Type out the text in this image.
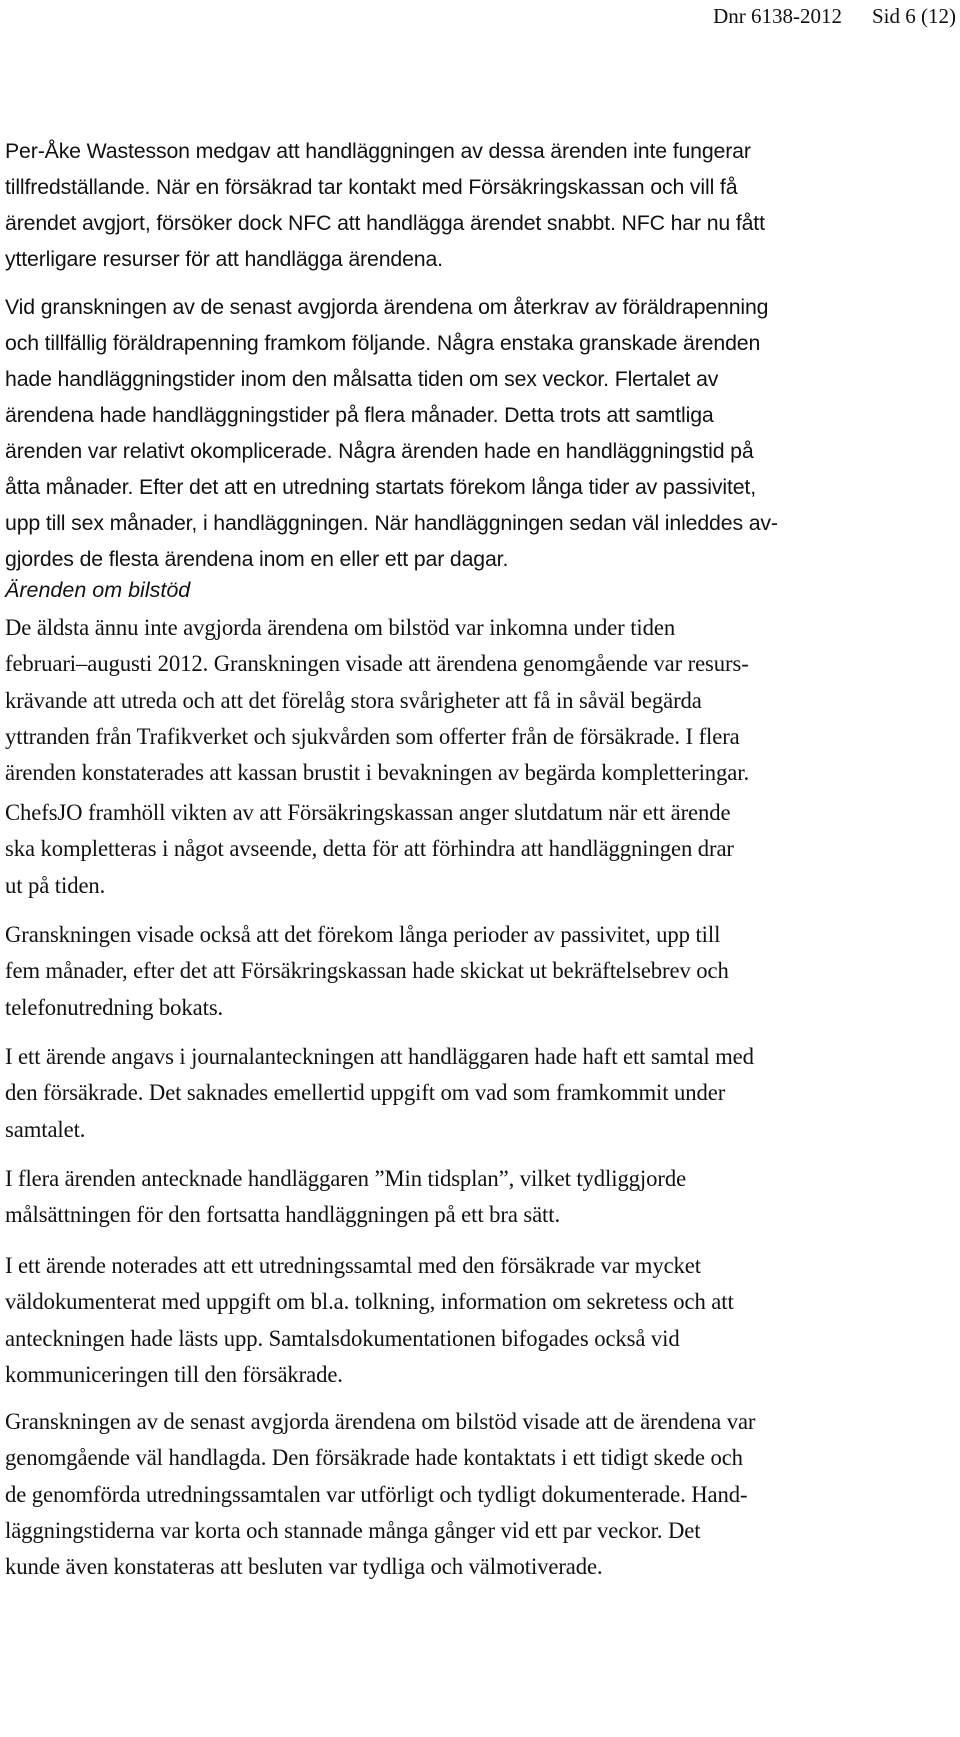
Dnr 6138-2012 Sid 6 (12)
Per-Åke Wastesson medgav att handläggningen av dessa ärenden inte fungerar
tillfredställande. När en försäkrad tar kontakt med Försäkringskassan och vill få
ärendet avgjort, försöker dock NFC att handlägga ärendet snabbt. NFC har nu fått
ytterligare resurser för att handlägga ärendena.
Vid granskningen av de senast avgjorda ärendena om återkrav av föräldrapenning
och tillfällig föräldrapenning framkom följande. Några enstaka granskade ärenden
hade handläggningstider inom den målsatta tiden om sex veckor. Flertalet av
ärendena hade handläggningstider på flera månader. Detta trots att samtliga
ärenden var relativt okomplicerade. Några ärenden hade en handläggningstid på
åtta månader. Efter det att en utredning startats förekom långa tider av passivitet,
upp till sex månader, i handläggningen. När handläggningen sedan väl inleddes av-
gjordes de flesta ärendena inom en eller ett par dagar.
Ärenden om bilstöd
De äldsta ännu inte avgjorda ärendena om bilstöd var inkomna under tiden
februari–augusti 2012. Granskningen visade att ärendena genomgående var resurs-
krävande att utreda och att det förelåg stora svårigheter att få in såväl begärda
yttranden från Trafikverket och sjukvården som offerter från de försäkrade. I flera
ärenden konstaterades att kassan brustit i bevakningen av begärda kompletteringar.
ChefsJO framhöll vikten av att Försäkringskassan anger slutdatum när ett ärende
ska kompletteras i något avseende, detta för att förhindra att handläggningen drar
ut på tiden.
Granskningen visade också att det förekom långa perioder av passivitet, upp till
fem månader, efter det att Försäkringskassan hade skickat ut bekräftelsebrev och
telefonutredning bokats.
I ett ärende angavs i journalanteckningen att handläggaren hade haft ett samtal med
den försäkrade. Det saknades emellertid uppgift om vad som framkommit under
samtalet.
I flera ärenden antecknade handläggaren ”Min tidsplan”, vilket tydliggjorde
målsättningen för den fortsatta handläggningen på ett bra sätt.
I ett ärende noterades att ett utredningssamtal med den försäkrade var mycket
väldokumenterat med uppgift om bl.a. tolkning, information om sekretess och att
anteckningen hade lästs upp. Samtalsdokumentationen bifogades också vid
kommuniceringen till den försäkrade.
Granskningen av de senast avgjorda ärendena om bilstöd visade att de ärendena var
genomgående väl handlagda. Den försäkrade hade kontaktats i ett tidigt skede och
de genomförda utredningssamtalen var utförligt och tydligt dokumenterade. Hand-
läggningstiderna var korta och stannade många gånger vid ett par veckor. Det
kunde även konstateras att besluten var tydliga och välmotiverade.
